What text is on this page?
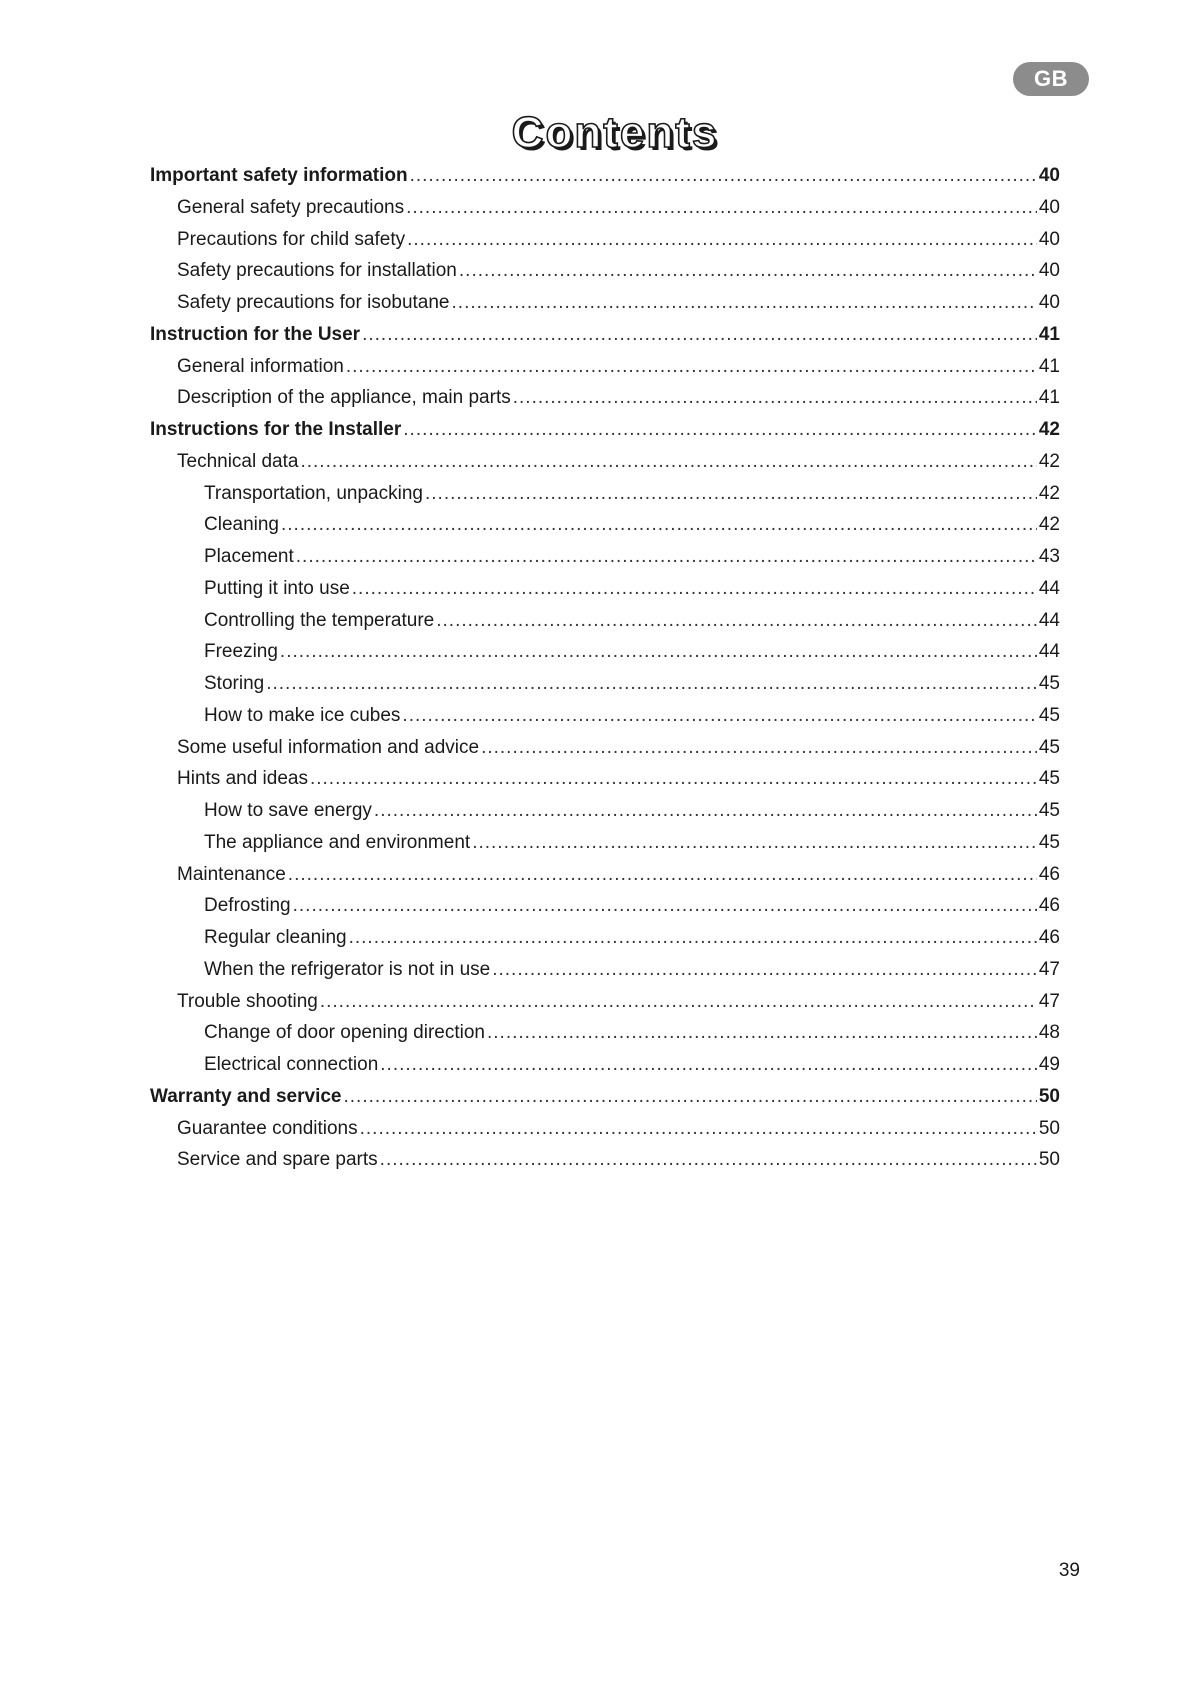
GB
Contents
Important safety information .....	40
General safety precautions .....	40
Precautions for child safety .....	40
Safety precautions for installation .....	40
Safety precautions for isobutane .....	40
Instruction for the User .....	41
General information .....	41
Description of the appliance, main parts .....	41
Instructions for the Installer .....	42
Technical data .....	42
Transportation, unpacking .....	42
Cleaning .....	42
Placement .....	43
Putting it into use .....	44
Controlling the temperature .....	44
Freezing .....	44
Storing .....	45
How to make ice cubes .....	45
Some useful information and advice .....	45
Hints and ideas .....	45
How to save energy .....	45
The appliance and environment .....	45
Maintenance .....	46
Defrosting .....	46
Regular cleaning .....	46
When the refrigerator is not in use .....	47
Trouble shooting .....	47
Change of door opening direction .....	48
Electrical connection .....	49
Warranty and service .....	50
Guarantee conditions .....	50
Service and spare parts .....	50
39
